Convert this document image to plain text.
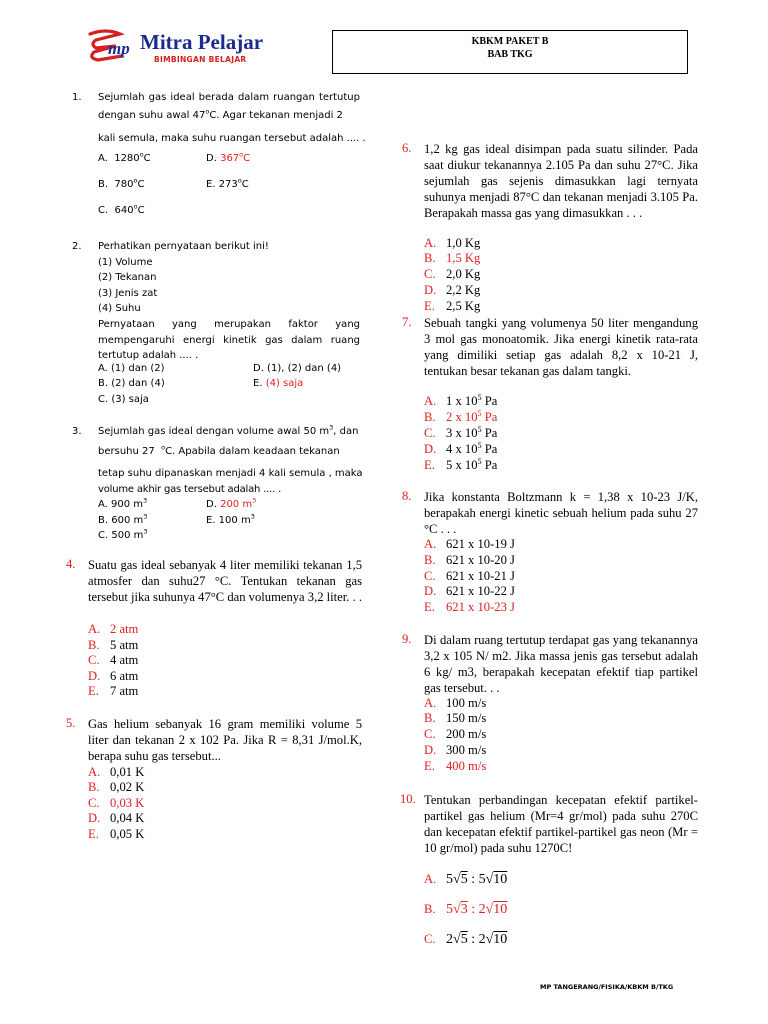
mp Mitra Pelajar
BIMBINGAN BELAJAR
KBKM PAKET B
BAB TKG
1. Sejumlah gas ideal berada dalam ruangan tertutup
dengan suhu awal 47$^o$C. Agar tekanan menjadi 2
kali semula, maka suhu ruangan tersebut adalah .... .
A. 1280$^o$C	D. 367$^o$C
B. 780$^o$C	E. 273$^o$C
C. 640$^o$C
2. Perhatikan pernyataan berikut ini!
(1) Volume
(2) Tekanan
(3) Jenis zat
(4) Suhu
Pernyataan yang merupakan faktor yang mempengaruhi energi kinetik gas dalam ruang tertutup adalah .... .
A. (1) dan (2)	D. (1), (2) dan (4)
B. (2) dan (4)	E. (4) saja
C. (3) saja
3. Sejumlah gas ideal dengan volume awal 50 $m^3$, dan
bersuhu 27 $^o$C. Apabila dalam keadaan tekanan
tetap suhu dipanaskan menjadi 4 kali semula , maka
volume akhir gas tersebut adalah .... .
A. 900 $m^3$	D. 200 $m^3$
B. 600 $m^3$	E. 100 $m^3$
C. 500 $m^3$
4. Suatu gas ideal sebanyak 4 liter memiliki tekanan 1,5 atmosfer dan suhu27 °C. Tentukan tekanan gas tersebut jika suhunya 47°C dan volumenya 3,2 liter. . .
A. 2 atm
B. 5 atm
C. 4 atm
D. 6 atm
E. 7 atm
5. Gas helium sebanyak 16 gram memiliki volume 5 liter dan tekanan 2 x 102 Pa. Jika R = 8,31 J/mol.K, berapa suhu gas tersebut...
A. 0,01 K
B. 0,02 K
C. 0,03 K
D. 0,04 K
E. 0,05 K
6. 1,2 kg gas ideal disimpan pada suatu silinder. Pada saat diukur tekanannya 2.105 Pa dan suhu 27°C. Jika sejumlah gas sejenis dimasukkan lagi ternyata suhunya menjadi 87°C dan tekanan menjadi 3.105 Pa. Berapakah massa gas yang dimasukkan . . .
A. 1,0 Kg
B. 1,5 Kg
C. 2,0 Kg
D. 2,2 Kg
E. 2,5 Kg
7. Sebuah tangki yang volumenya 50 liter mengandung 3 mol gas monoatomik. Jika energi kinetik rata-rata yang dimiliki setiap gas adalah 8,2 x 10-21 J, tentukan besar tekanan gas dalam tangki.
A. 1 x $10^5$ Pa
B. 2 x $10^5$ Pa
C. 3 x $10^5$ Pa
D. 4 x $10^5$ Pa
E. 5 x $10^5$ Pa
8. Jika konstanta Boltzmann k = 1,38 x 10-23 J/K, berapakah energi kinetic sebuah helium pada suhu 27 °C . . .
A. 621 x 10-19 J
B. 621 x 10-20 J
C. 621 x 10-21 J
D. 621 x 10-22 J
E. 621 x 10-23 J
9. Di dalam ruang tertutup terdapat gas yang tekanannya 3,2 x 105 N/ m2. Jika massa jenis gas tersebut adalah 6 kg/ m3, berapakah kecepatan efektif tiap partikel gas tersebut. . .
A. 100 m/s
B. 150 m/s
C. 200 m/s
D. 300 m/s
E. 400 m/s
10. Tentukan perbandingan kecepatan efektif partikel-partikel gas helium (Mr=4 gr/mol) pada suhu 270C dan kecepatan efektif partikel-partikel gas neon (Mr = 10 gr/mol) pada suhu 1270C!
A. 5√5 : 5√10
B. 5√3 : 2√10
C. 2√5 : 2√10
MP TANGERANG/FISIKA/KBKM B/TKG
